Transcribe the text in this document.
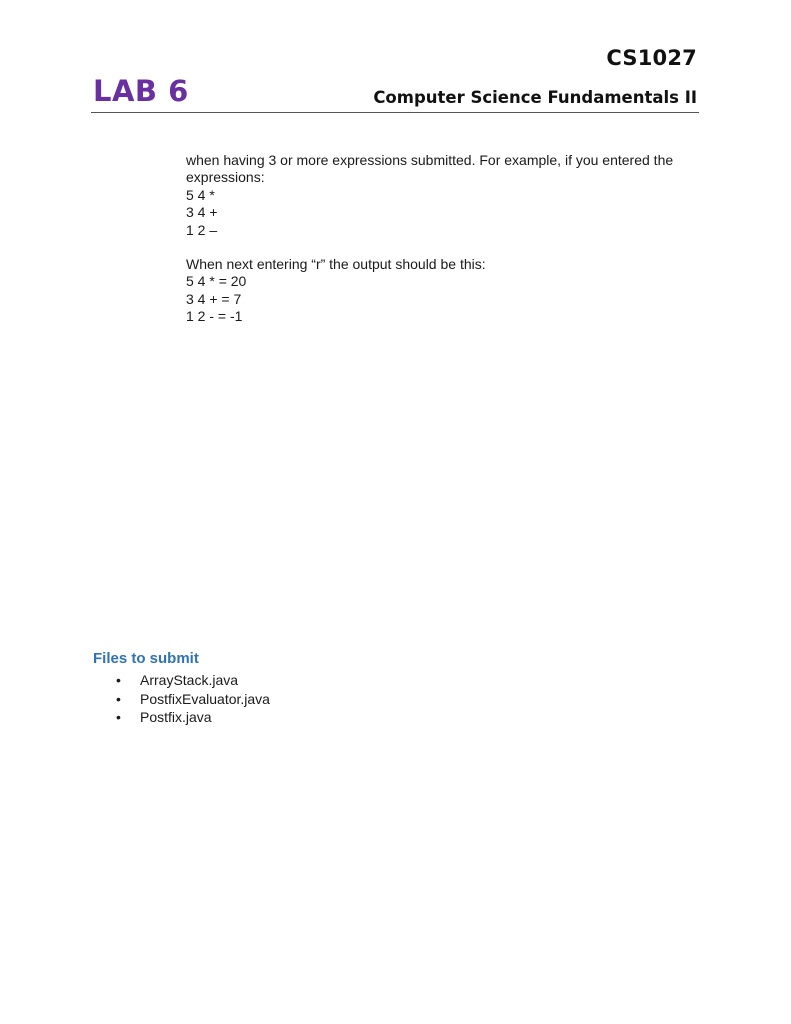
CS1027
LAB 6	Computer Science Fundamentals II
when having 3 or more expressions submitted. For example, if you entered the
expressions:
5 4 *
3 4 +
1 2 –
When next entering “r” the output should be this:
5 4 * = 20
3 4 + = 7
1 2 - = -1
Files to submit
• ArrayStack.java
• PostfixEvaluator.java
• Postfix.java
